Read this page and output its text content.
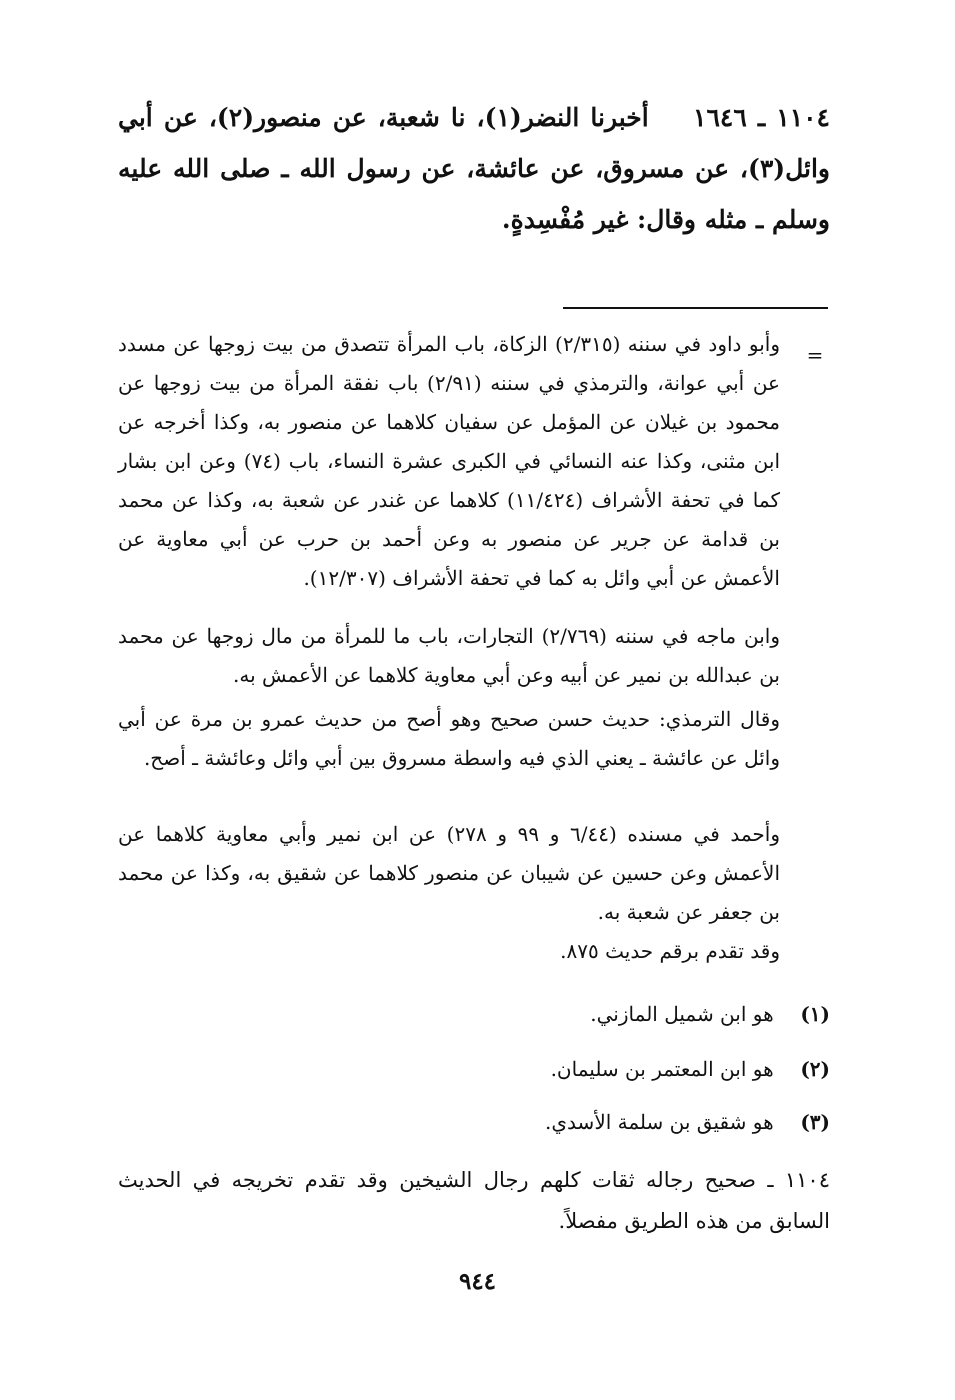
١١٠٤ ـ ١٦٤٦    أخبرنا النضر(١)، نا شعبة، عن منصور(٢)، عن أبي وائل(٣)، عن مسروق، عن عائشة، عن رسول الله ـ صلى الله عليه وسلم ـ مثله وقال: غير مُفْسِدةٍ.
=
وأبو داود في سننه (٢/٣١٥) الزكاة، باب المرأة تتصدق من بيت زوجها عن مسدد عن أبي عوانة، والترمذي في سننه (٢/٩١) باب نفقة المرأة من بيت زوجها عن محمود بن غيلان عن المؤمل عن سفيان كلاهما عن منصور به، وكذا أخرجه عن ابن مثنى، وكذا عنه النسائي في الكبرى عشرة النساء، باب (٧٤) وعن ابن بشار كما في تحفة الأشراف (١١/٤٢٤) كلاهما عن غندر عن شعبة به، وكذا عن محمد بن قدامة عن جرير عن منصور به وعن أحمد بن حرب عن أبي معاوية عن الأعمش عن أبي وائل به كما في تحفة الأشراف (١٢/٣٠٧).
وابن ماجه في سننه (٢/٧٦٩) التجارات، باب ما للمرأة من مال زوجها عن محمد بن عبدالله بن نمير عن أبيه وعن أبي معاوية كلاهما عن الأعمش به.
وقال الترمذي: حديث حسن صحيح وهو أصح من حديث عمرو بن مرة عن أبي وائل عن عائشة ـ يعني الذي فيه واسطة مسروق بين أبي وائل وعائشة ـ أصح.
وأحمد في مسنده (٦/٤٤ و ٩٩ و ٢٧٨) عن ابن نمير وأبي معاوية كلاهما عن الأعمش وعن حسين عن شيبان عن منصور كلاهما عن شقيق به، وكذا عن محمد بن جعفر عن شعبة به.
وقد تقدم برقم حديث ٨٧٥.
(١) هو ابن شميل المازني.
(٢) هو ابن المعتمر بن سليمان.
(٣) هو شقيق بن سلمة الأسدي.
١١٠٤ ـ صحيح رجاله ثقات كلهم رجال الشيخين وقد تقدم تخريجه في الحديث السابق من هذه الطريق مفصلاً.
٩٤٤
